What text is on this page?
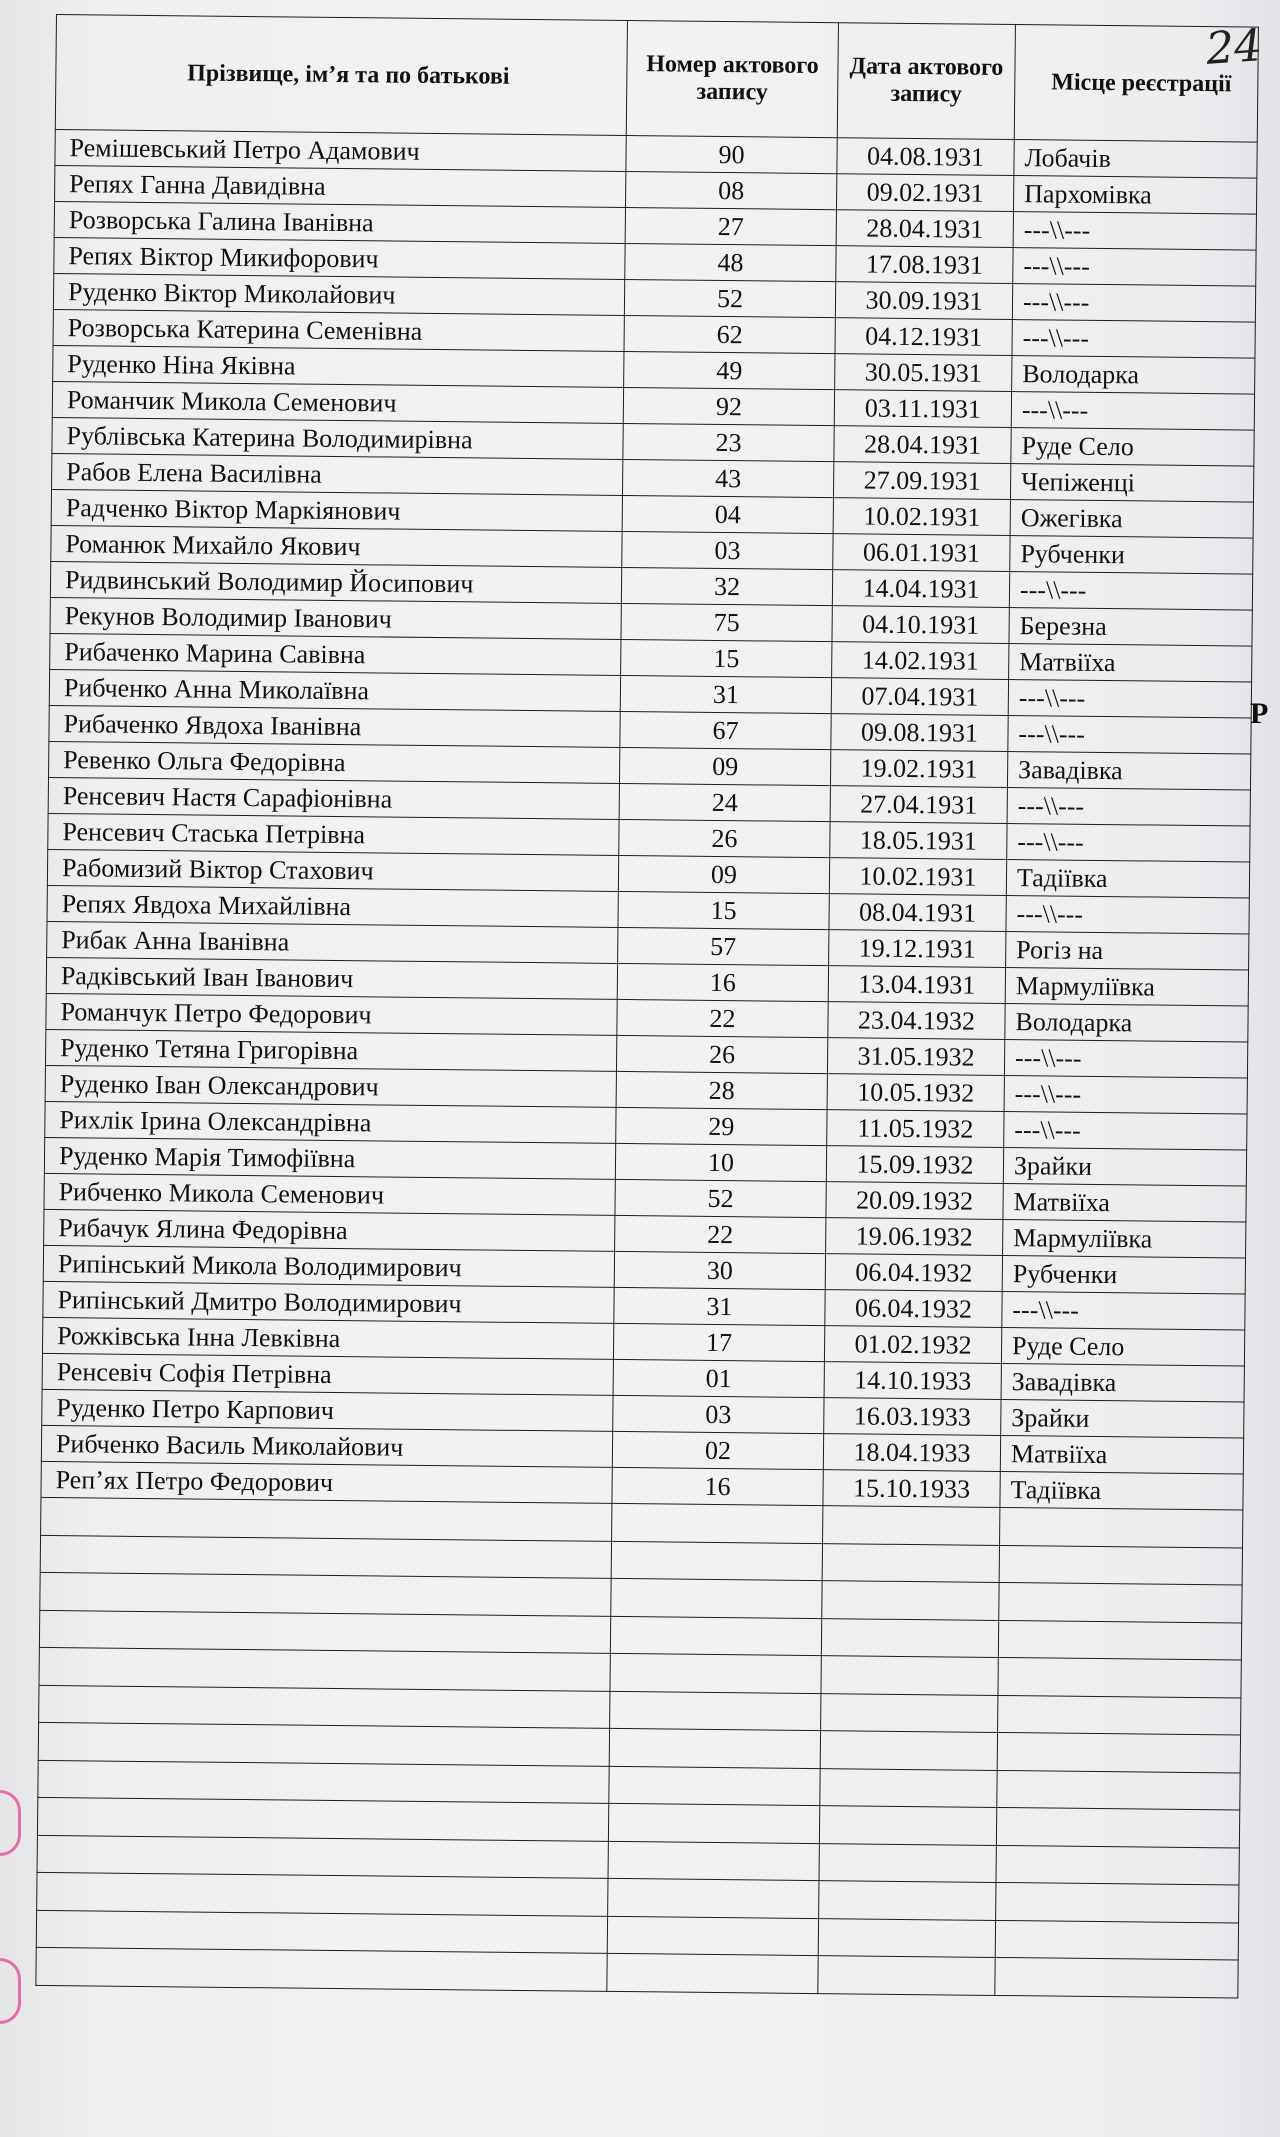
24
Р
Прізвище, ім’я та по батькові	Номер актового запису	Дата актового запису	Місце реєстрації
Ремішевський Петро Адамович	90	04.08.1931	Лобачів
Репях Ганна Давидівна	08	09.02.1931	Пархомівка
Розворська Галина Іванівна	27	28.04.1931	---\\---
Репях Віктор Микифорович	48	17.08.1931	---\\---
Руденко Віктор Миколайович	52	30.09.1931	---\\---
Розворська Катерина Семенівна	62	04.12.1931	---\\---
Руденко Ніна Яківна	49	30.05.1931	Володарка
Романчик Микола Семенович	92	03.11.1931	---\\---
Рублівська Катерина Володимирівна	23	28.04.1931	Руде Село
Рабов Елена Василівна	43	27.09.1931	Чепіженці
Радченко Віктор Маркіянович	04	10.02.1931	Ожегівка
Романюк Михайло Якович	03	06.01.1931	Рубченки
Ридвинський Володимир Йосипович	32	14.04.1931	---\\---
Рекунов Володимир Іванович	75	04.10.1931	Березна
Рибаченко Марина Савівна	15	14.02.1931	Матвіїха
Рибченко Анна Миколаївна	31	07.04.1931	---\\---
Рибаченко Явдоха Іванівна	67	09.08.1931	---\\---
Ревенко Ольга Федорівна	09	19.02.1931	Завадівка
Ренсевич Настя Сарафіонівна	24	27.04.1931	---\\---
Ренсевич Стаська Петрівна	26	18.05.1931	---\\---
Рабомизий Віктор Стахович	09	10.02.1931	Тадіївка
Репях Явдоха Михайлівна	15	08.04.1931	---\\---
Рибак Анна Іванівна	57	19.12.1931	Рогіз на
Радківський Іван Іванович	16	13.04.1931	Мармуліївка
Романчук Петро Федорович	22	23.04.1932	Володарка
Руденко Тетяна Григорівна	26	31.05.1932	---\\---
Руденко Іван Олександрович	28	10.05.1932	---\\---
Рихлік Ірина Олександрівна	29	11.05.1932	---\\---
Руденко Марія Тимофіївна	10	15.09.1932	Зрайки
Рибченко Микола Семенович	52	20.09.1932	Матвіїха
Рибачук Ялина Федорівна	22	19.06.1932	Мармуліївка
Рипінський Микола Володимирович	30	06.04.1932	Рубченки
Рипінський Дмитро Володимирович	31	06.04.1932	---\\---
Рожківська Інна Левківна	17	01.02.1932	Руде Село
Ренсевіч Софія Петрівна	01	14.10.1933	Завадівка
Руденко Петро Карпович	03	16.03.1933	Зрайки
Рибченко Василь Миколайович	02	18.04.1933	Матвіїха
Реп’ях Петро Федорович	16	15.10.1933	Тадіївка
